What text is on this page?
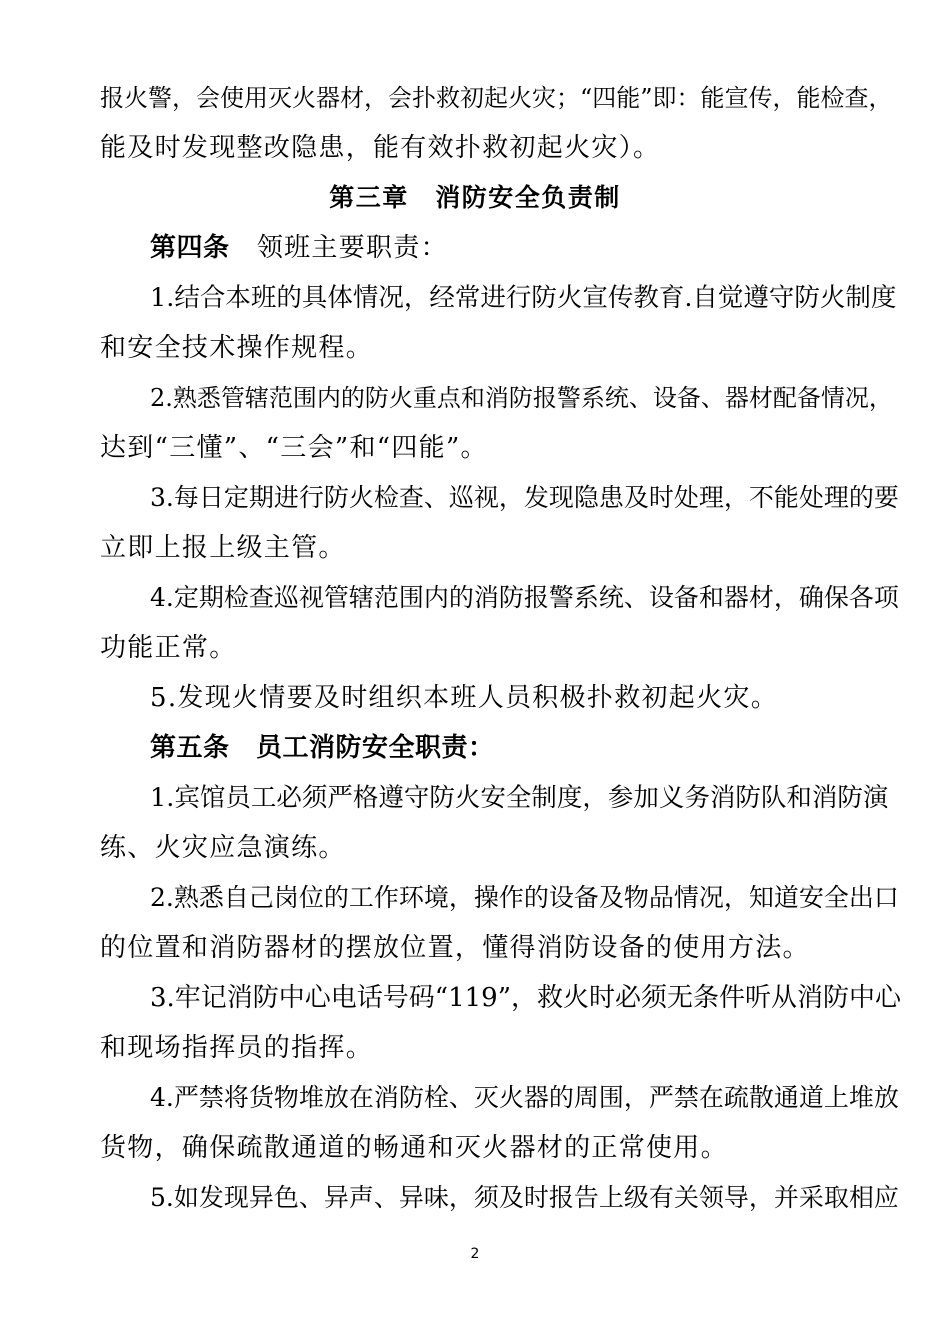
报火警，会使用灭火器材，会扑救初起火灾；“四能”即：能宣传，能检查，
能及时发现整改隐患，能有效扑救初起火灾）。
第三章　消防安全负责制
第四条　领班主要职责：
1.结合本班的具体情况，经常进行防火宣传教育.自觉遵守防火制度
和安全技术操作规程。
2.熟悉管辖范围内的防火重点和消防报警系统、设备、器材配备情况，
达到“三懂”、“三会”和“四能”。
3.每日定期进行防火检查、巡视，发现隐患及时处理，不能处理的要
立即上报上级主管。
4.定期检查巡视管辖范围内的消防报警系统、设备和器材，确保各项
功能正常。
5.发现火情要及时组织本班人员积极扑救初起火灾。
第五条　员工消防安全职责：
1.宾馆员工必须严格遵守防火安全制度，参加义务消防队和消防演
练、火灾应急演练。
2.熟悉自己岗位的工作环境，操作的设备及物品情况，知道安全出口
的位置和消防器材的摆放位置，懂得消防设备的使用方法。
3.牢记消防中心电话号码“119”，救火时必须无条件听从消防中心
和现场指挥员的指挥。
4.严禁将货物堆放在消防栓、灭火器的周围，严禁在疏散通道上堆放
货物，确保疏散通道的畅通和灭火器材的正常使用。
5.如发现异色、异声、异味，须及时报告上级有关领导，并采取相应
2
